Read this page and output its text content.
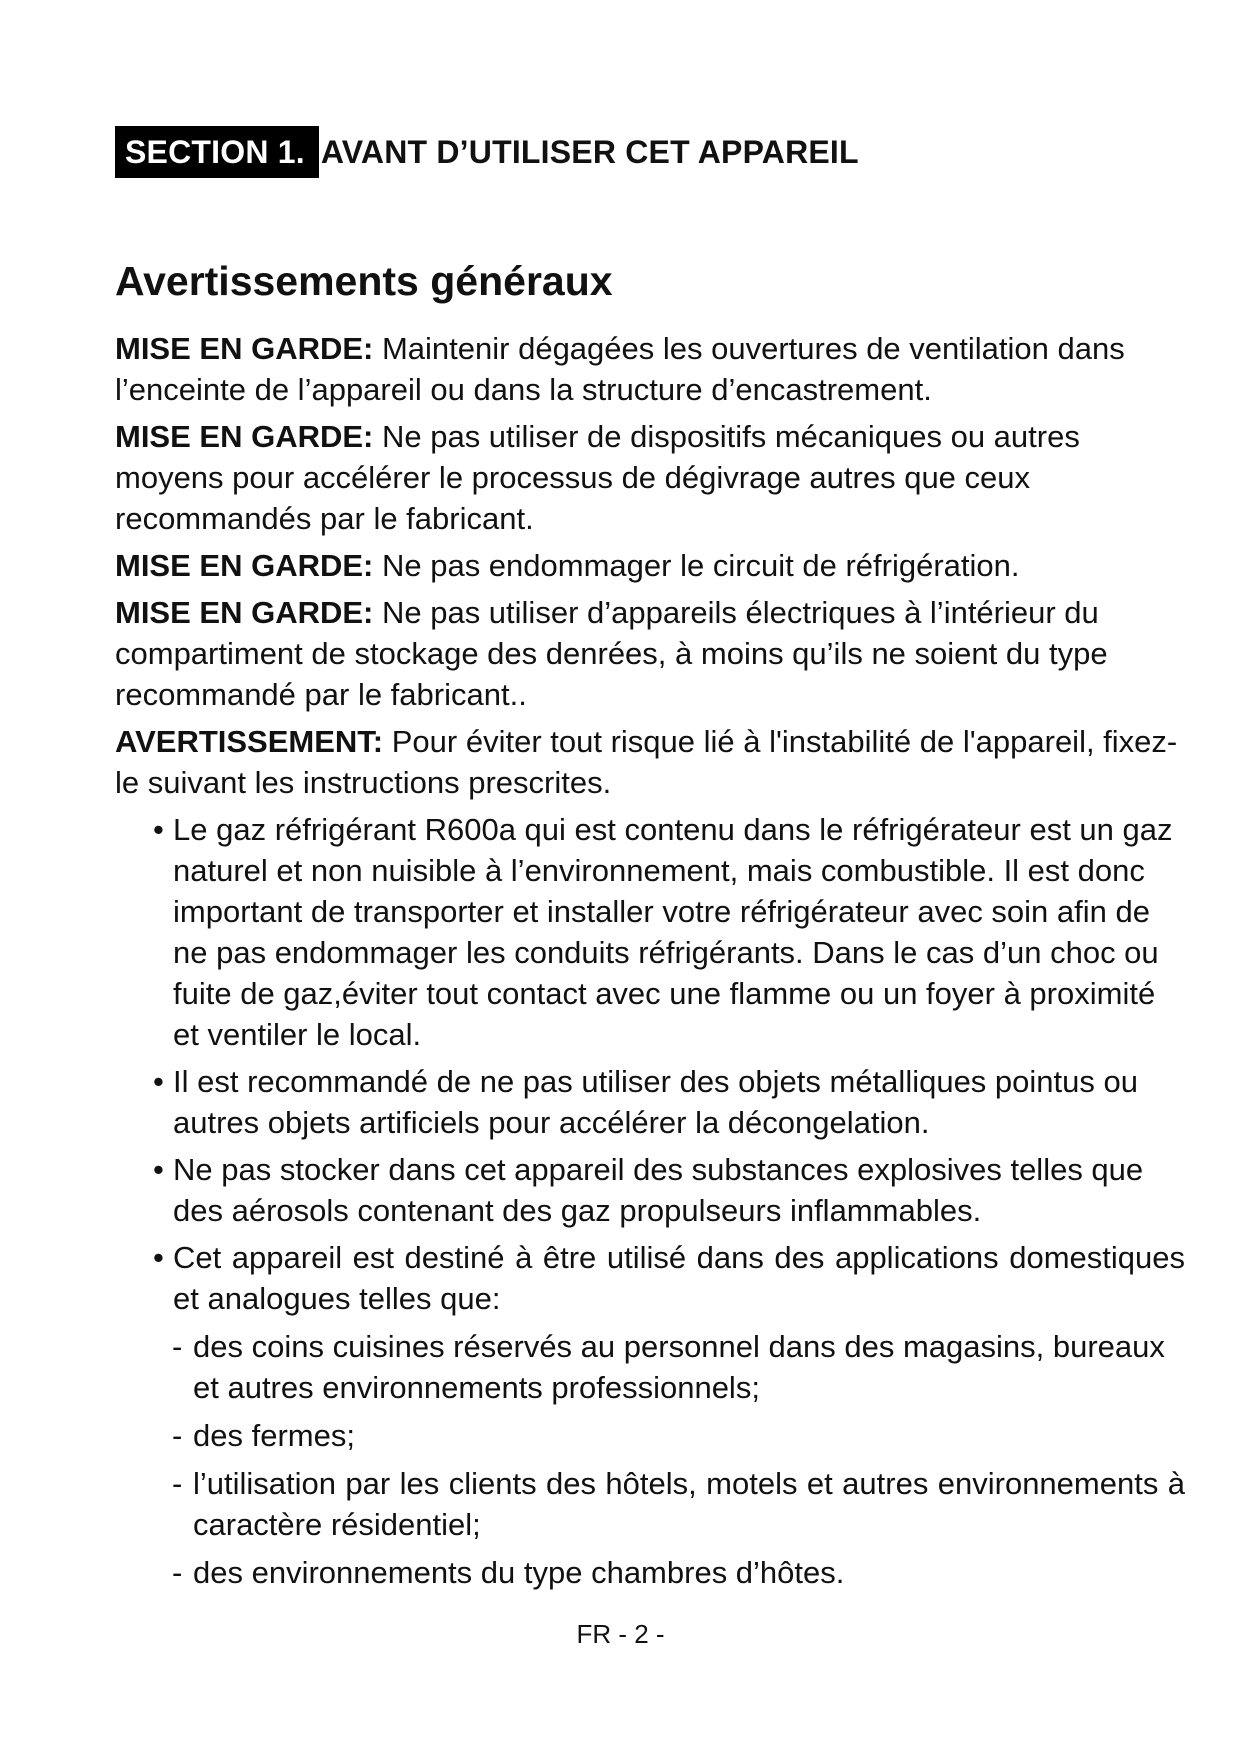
SECTION 1. AVANT D’UTILISER CET APPAREIL
Avertissements généraux

MISE EN GARDE: Maintenir dégagées les ouvertures de ventilation dans l’enceinte de l’appareil ou dans la structure d’encastrement.

MISE EN GARDE: Ne pas utiliser de dispositifs mécaniques ou autres moyens pour accélérer le processus de dégivrage autres que ceux recommandés par le fabricant.

MISE EN GARDE: Ne pas endommager le circuit de réfrigération.

MISE EN GARDE: Ne pas utiliser d’appareils électriques à l’intérieur du compartiment de stockage des denrées, à moins qu’ils ne soient du type recommandé par le fabricant..

AVERTISSEMENT: Pour éviter tout risque lié à l'instabilité de l'appareil, fixez-le suivant les instructions prescrites.

• Le gaz réfrigérant R600a qui est contenu dans le réfrigérateur est un gaz naturel et non nuisible à l’environnement, mais combustible. Il est donc important de transporter et installer votre réfrigérateur avec soin afin de ne pas endommager les conduits réfrigérants. Dans le cas d’un choc ou fuite de gaz,éviter tout contact avec une flamme ou un foyer à proximité et ventiler le local.
• Il est recommandé de ne pas utiliser des objets métalliques pointus ou autres objets artificiels pour accélérer la décongelation.
• Ne pas stocker dans cet appareil des substances explosives telles que des aérosols contenant des gaz propulseurs inflammables.
• Cet appareil est destiné à être utilisé dans des applications domestiques et analogues telles que:
- des coins cuisines réservés au personnel dans des magasins, bureaux et autres environnements professionnels;
- des fermes;
- l’utilisation par les clients des hôtels, motels et autres environnements à caractère résidentiel;
- des environnements du type chambres d’hôtes.
FR - 2 -
